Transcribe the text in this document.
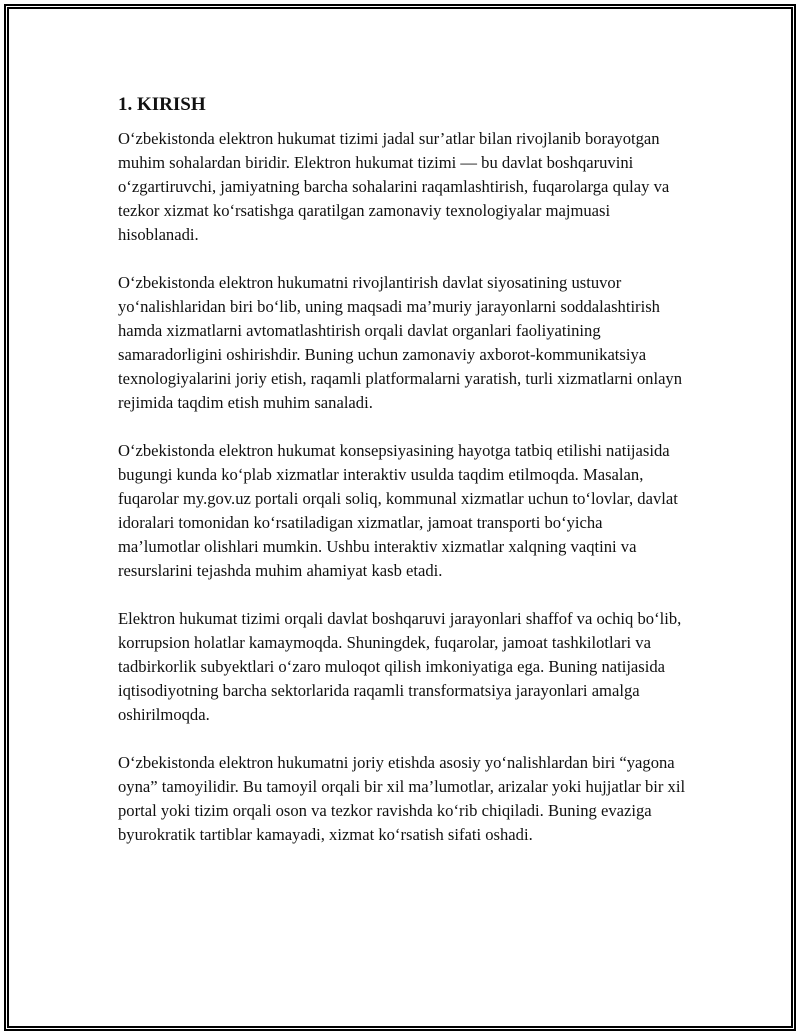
1. KIRISH

O‘zbekistonda elektron hukumat tizimi jadal sur’atlar bilan rivojlanib borayotgan muhim sohalardan biridir. Elektron hukumat tizimi — bu davlat boshqaruvini o‘zgartiruvchi, jamiyatning barcha sohalarini raqamlashtirish, fuqarolarga qulay va tezkor xizmat ko‘rsatishga qaratilgan zamonaviy texnologiyalar majmuasi hisoblanadi.

O‘zbekistonda elektron hukumatni rivojlantirish davlat siyosatining ustuvor yo‘nalishlaridan biri bo‘lib, uning maqsadi ma’muriy jarayonlarni soddalashtirish hamda xizmatlarni avtomatlashtirish orqali davlat organlari faoliyatining samaradorligini oshirishdir. Buning uchun zamonaviy axborot-kommunikatsiya texnologiyalarini joriy etish, raqamli platformalarni yaratish, turli xizmatlarni onlayn rejimida taqdim etish muhim sanaladi.

O‘zbekistonda elektron hukumat konsepsiyasining hayotga tatbiq etilishi natijasida bugungi kunda ko‘plab xizmatlar interaktiv usulda taqdim etilmoqda. Masalan, fuqarolar my.gov.uz portali orqali soliq, kommunal xizmatlar uchun to‘lovlar, davlat idoralari tomonidan ko‘rsatiladigan xizmatlar, jamoat transporti bo‘yicha ma’lumotlar olishlari mumkin. Ushbu interaktiv xizmatlar xalqning vaqtini va resurslarini tejashda muhim ahamiyat kasb etadi.

Elektron hukumat tizimi orqali davlat boshqaruvi jarayonlari shaffof va ochiq bo‘lib, korrupsion holatlar kamaymoqda. Shuningdek, fuqarolar, jamoat tashkilotlari va tadbirkorlik subyektlari o‘zaro muloqot qilish imkoniyatiga ega. Buning natijasida iqtisodiyotning barcha sektorlarida raqamli transformatsiya jarayonlari amalga oshirilmoqda.

O‘zbekistonda elektron hukumatni joriy etishda asosiy yo‘nalishlardan biri “yagona oyna” tamoyilidir. Bu tamoyil orqali bir xil ma’lumotlar, arizalar yoki hujjatlar bir xil portal yoki tizim orqali oson va tezkor ravishda ko‘rib chiqiladi. Buning evaziga byurokratik tartiblar kamayadi, xizmat ko‘rsatish sifati oshadi.
